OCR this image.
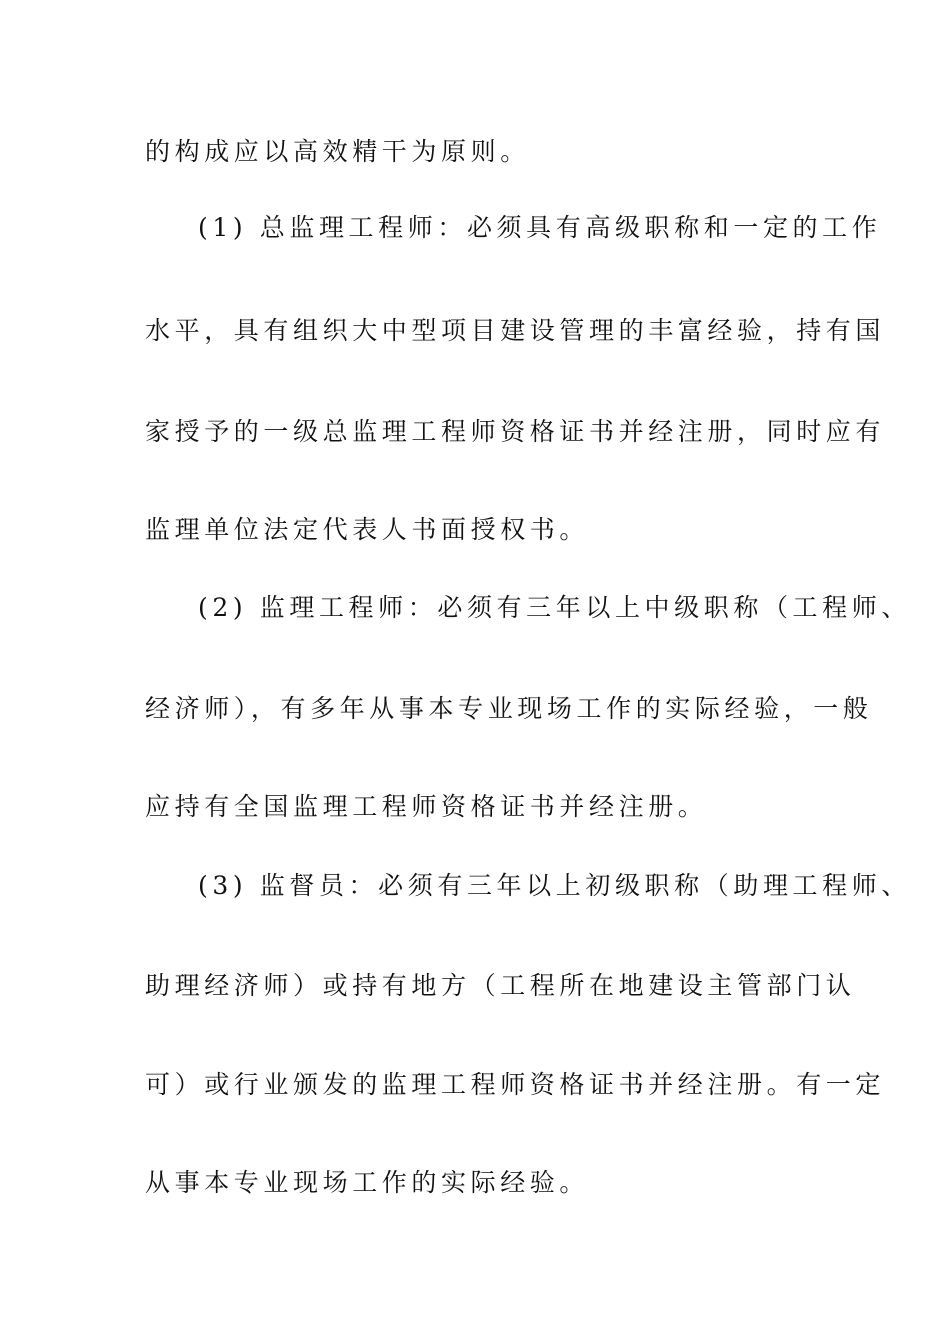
的构成应以高效精干为原则。
(1) 总监理工程师：必须具有高级职称和一定的工作
水平，具有组织大中型项目建设管理的丰富经验，持有国
家授予的一级总监理工程师资格证书并经注册，同时应有
监理单位法定代表人书面授权书。
(2) 监理工程师：必须有三年以上中级职称（工程师、
经济师），有多年从事本专业现场工作的实际经验，一般
应持有全国监理工程师资格证书并经注册。
(3) 监督员：必须有三年以上初级职称（助理工程师、
助理经济师）或持有地方（工程所在地建设主管部门认
可）或行业颁发的监理工程师资格证书并经注册。有一定
从事本专业现场工作的实际经验。
